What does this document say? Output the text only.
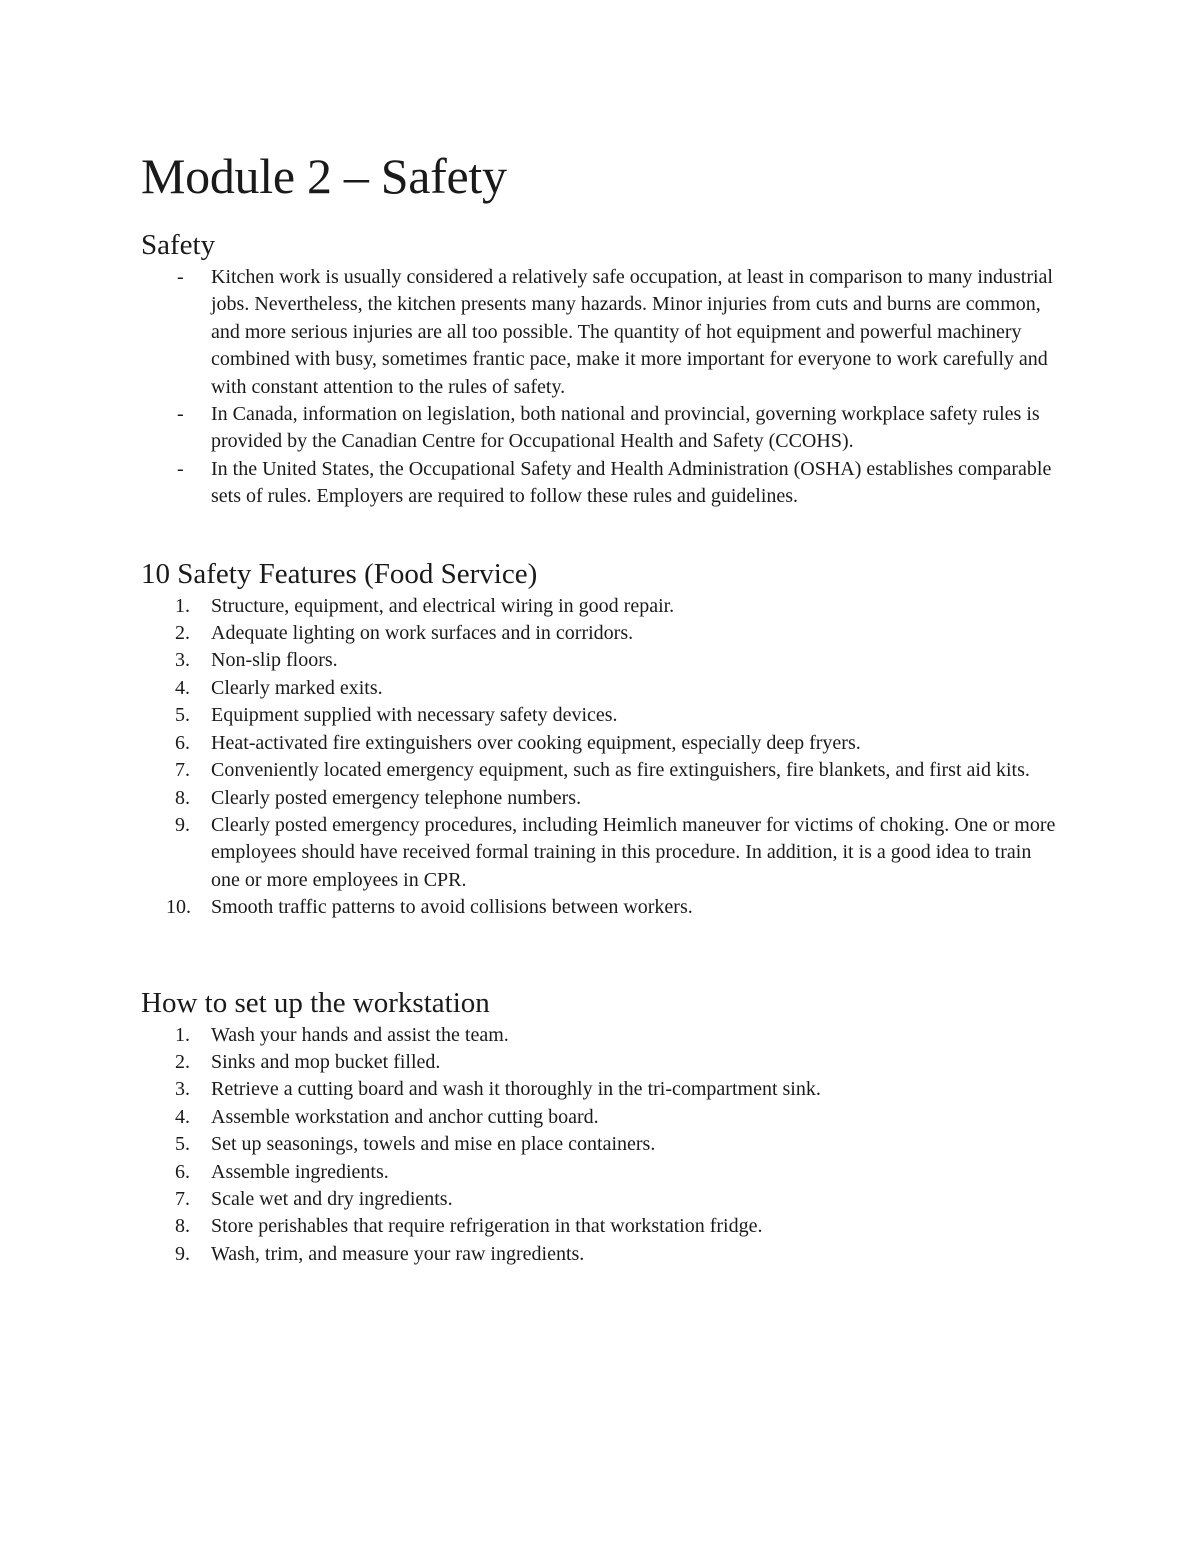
Module 2 – Safety
Safety
-	Kitchen work is usually considered a relatively safe occupation, at least in comparison to many industrial jobs. Nevertheless, the kitchen presents many hazards. Minor injuries from cuts and burns are common, and more serious injuries are all too possible. The quantity of hot equipment and powerful machinery combined with busy, sometimes frantic pace, make it more important for everyone to work carefully and with constant attention to the rules of safety.
-	In Canada, information on legislation, both national and provincial, governing workplace safety rules is provided by the Canadian Centre for Occupational Health and Safety (CCOHS).
-	In the United States, the Occupational Safety and Health Administration (OSHA) establishes comparable sets of rules. Employers are required to follow these rules and guidelines.
10 Safety Features (Food Service)
1.	Structure, equipment, and electrical wiring in good repair.
2.	Adequate lighting on work surfaces and in corridors.
3.	Non-slip floors.
4.	Clearly marked exits.
5.	Equipment supplied with necessary safety devices.
6.	Heat-activated fire extinguishers over cooking equipment, especially deep fryers.
7.	Conveniently located emergency equipment, such as fire extinguishers, fire blankets, and first aid kits.
8.	Clearly posted emergency telephone numbers.
9.	Clearly posted emergency procedures, including Heimlich maneuver for victims of choking. One or more employees should have received formal training in this procedure. In addition, it is a good idea to train one or more employees in CPR.
10.	Smooth traffic patterns to avoid collisions between workers.
How to set up the workstation
1.	Wash your hands and assist the team.
2.	Sinks and mop bucket filled.
3.	Retrieve a cutting board and wash it thoroughly in the tri-compartment sink.
4.	Assemble workstation and anchor cutting board.
5.	Set up seasonings, towels and mise en place containers.
6.	Assemble ingredients.
7.	Scale wet and dry ingredients.
8.	Store perishables that require refrigeration in that workstation fridge.
9.	Wash, trim, and measure your raw ingredients.
